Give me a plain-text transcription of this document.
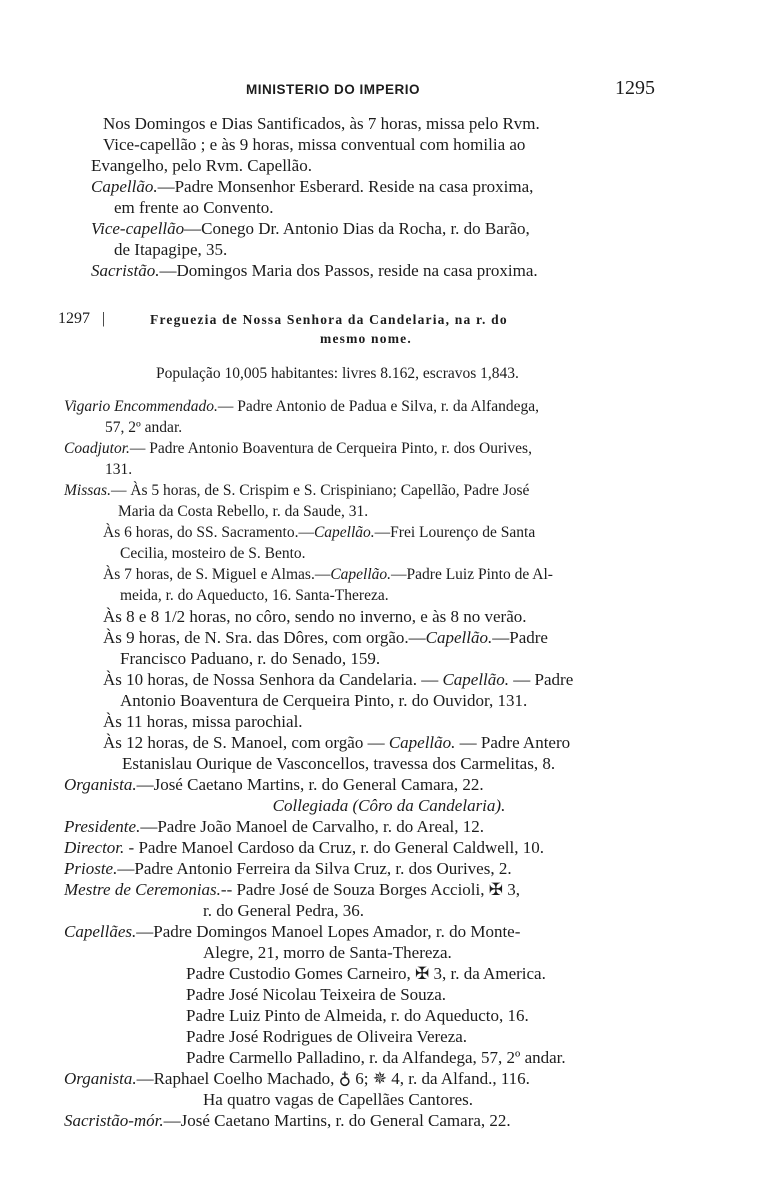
MINISTERIO DO IMPERIO	1295
Nos Domingos e Dias Santificados, às 7 horas, missa pelo Rvm.
Vice-capellão ; e às 9 horas, missa conventual com homilia ao
Evangelho, pelo Rvm. Capellão.
Capellão.—Padre Monsenhor Esberard. Reside na casa proxima,
em frente ao Convento.
Vice-capellão—Conego Dr. Antonio Dias da Rocha, r. do Barão,
de Itapagipe, 35.
Sacristão.—Domingos Maria dos Passos, reside na casa proxima.
1297 |	Freguezia de Nossa Senhora da Candelaria, na r. do
mesmo nome.
População 10,005 habitantes: livres 8.162, escravos 1,843.
Vigario Encommendado.— Padre Antonio de Padua e Silva, r. da Alfandega,
57, 2º andar.
Coadjutor.— Padre Antonio Boaventura de Cerqueira Pinto, r. dos Ourives,
131.
Missas.— Às 5 horas, de S. Crispim e S. Crispiniano; Capellão, Padre José
Maria da Costa Rebello, r. da Saude, 31.
Às 6 horas, do SS. Sacramento.—Capellão.—Frei Lourenço de Santa
Cecilia, mosteiro de S. Bento.
Às 7 horas, de S. Miguel e Almas.—Capellão.—Padre Luiz Pinto de Al-
meida, r. do Aqueducto, 16. Santa-Thereza.
Às 8 e 8 1/2 horas, no côro, sendo no inverno, e às 8 no verão.
Às 9 horas, de N. Sra. das Dôres, com orgão.—Capellão.—Padre
Francisco Paduano, r. do Senado, 159.
Às 10 horas, de Nossa Senhora da Candelaria. — Capellão. — Padre
Antonio Boaventura de Cerqueira Pinto, r. do Ouvidor, 131.
Às 11 horas, missa parochial.
Às 12 horas, de S. Manoel, com orgão — Capellão. — Padre Antero
Estanislau Ourique de Vasconcellos, travessa dos Carmelitas, 8.
Organista.—José Caetano Martins, r. do General Camara, 22.
Collegiada (Côro da Candelaria).
Presidente.—Padre João Manoel de Carvalho, r. do Areal, 12.
Director. - Padre Manoel Cardoso da Cruz, r. do General Caldwell, 10.
Prioste.—Padre Antonio Ferreira da Silva Cruz, r. dos Ourives, 2.
Mestre de Ceremonias.-- Padre José de Souza Borges Accioli, ✠ 3,
r. do General Pedra, 36.
Capellães.—Padre Domingos Manoel Lopes Amador, r. do Monte-
Alegre, 21, morro de Santa-Thereza.
Padre Custodio Gomes Carneiro, ✠ 3, r. da America.
Padre José Nicolau Teixeira de Souza.
Padre Luiz Pinto de Almeida, r. do Aqueducto, 16.
Padre José Rodrigues de Oliveira Vereza.
Padre Carmello Palladino, r. da Alfandega, 57, 2º andar.
Organista.—Raphael Coelho Machado, ♁ 6; ✵ 4, r. da Alfand., 116.
Ha quatro vagas de Capellães Cantores.
Sacristão-mór.—José Caetano Martins, r. do General Camara, 22.
